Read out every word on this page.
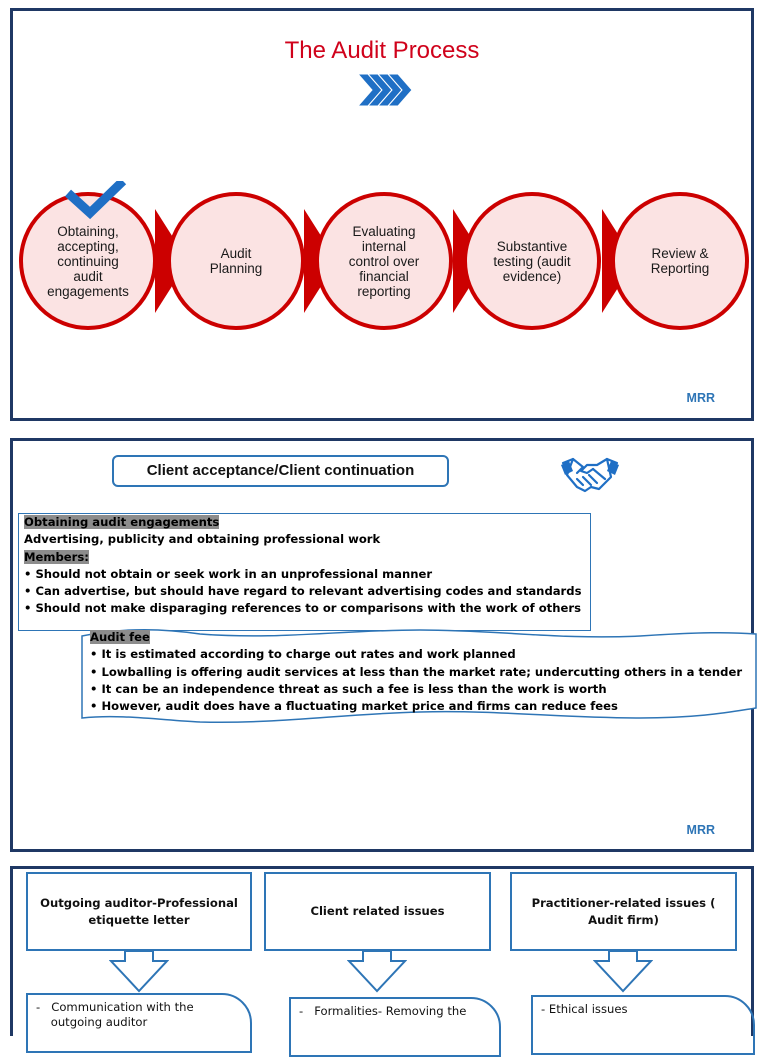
The Audit Process
Obtaining,
accepting,
continuing
audit
engagements
Audit
Planning
Evaluating
internal
control over
financial
reporting
Substantive
testing (audit
evidence)
Review &
Reporting
MRR
Client acceptance/Client continuation
Obtaining audit engagements
Advertising, publicity and obtaining professional work
Members:
• Should not obtain or seek work in an unprofessional manner
• Can advertise, but should have regard to relevant advertising codes and standards
• Should not make disparaging references to or comparisons with the work of others
Audit fee
• It is estimated according to charge out rates and work planned
• Lowballing is offering audit services at less than the market rate; undercutting others in a tender
• It can be an independence threat as such a fee is less than the work is worth
• However, audit does have a fluctuating market price and firms can reduce fees
MRR
Outgoing auditor-Professional etiquette letter
-   Communication with the
outgoing auditor
Client related issues
-   Formalities- Removing the
Practitioner-related issues ( Audit firm)
- Ethical issues
